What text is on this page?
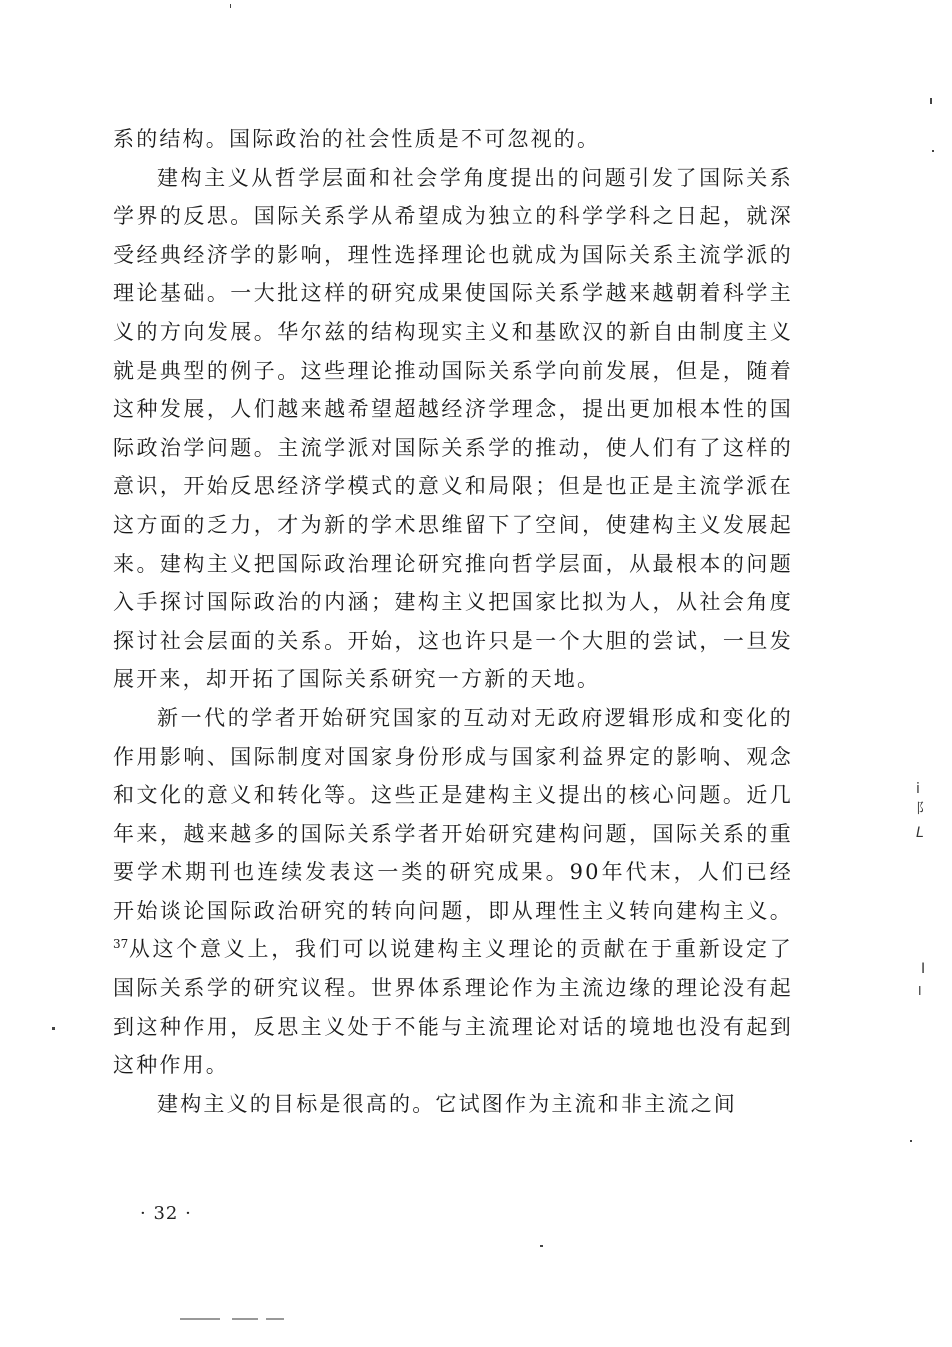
系的结构。国际政治的社会性质是不可忽视的。

建构主义从哲学层面和社会学角度提出的问题引发了国际关系学界的反思。国际关系学从希望成为独立的科学学科之日起，就深受经典经济学的影响，理性选择理论也就成为国际关系主流学派的理论基础。一大批这样的研究成果使国际关系学越来越朝着科学主义的方向发展。华尔兹的结构现实主义和基欧汉的新自由制度主义就是典型的例子。这些理论推动国际关系学向前发展，但是，随着这种发展，人们越来越希望超越经济学理念，提出更加根本性的国际政治学问题。主流学派对国际关系学的推动，使人们有了这样的意识，开始反思经济学模式的意义和局限；但是也正是主流学派在这方面的乏力，才为新的学术思维留下了空间，使建构主义发展起来。建构主义把国际政治理论研究推向哲学层面，从最根本的问题入手探讨国际政治的内涵；建构主义把国家比拟为人，从社会角度探讨社会层面的关系。开始，这也许只是一个大胆的尝试，一旦发展开来，却开拓了国际关系研究一方新的天地。

新一代的学者开始研究国家的互动对无政府逻辑形成和变化的作用影响、国际制度对国家身份形成与国家利益界定的影响、观念和文化的意义和转化等。这些正是建构主义提出的核心问题。近几年来，越来越多的国际关系学者开始研究建构问题，国际关系的重要学术期刊也连续发表这一类的研究成果。90年代末，人们已经开始谈论国际政治研究的转向问题，即从理性主义转向建构主义。$^{37}$从这个意义上，我们可以说建构主义理论的贡献在于重新设定了国际关系学的研究议程。世界体系理论作为主流边缘的理论没有起到这种作用，反思主义处于不能与主流理论对话的境地也没有起到这种作用。

建构主义的目标是很高的。它试图作为主流和非主流之间

· 32 ·
i
阝
L
I
I
